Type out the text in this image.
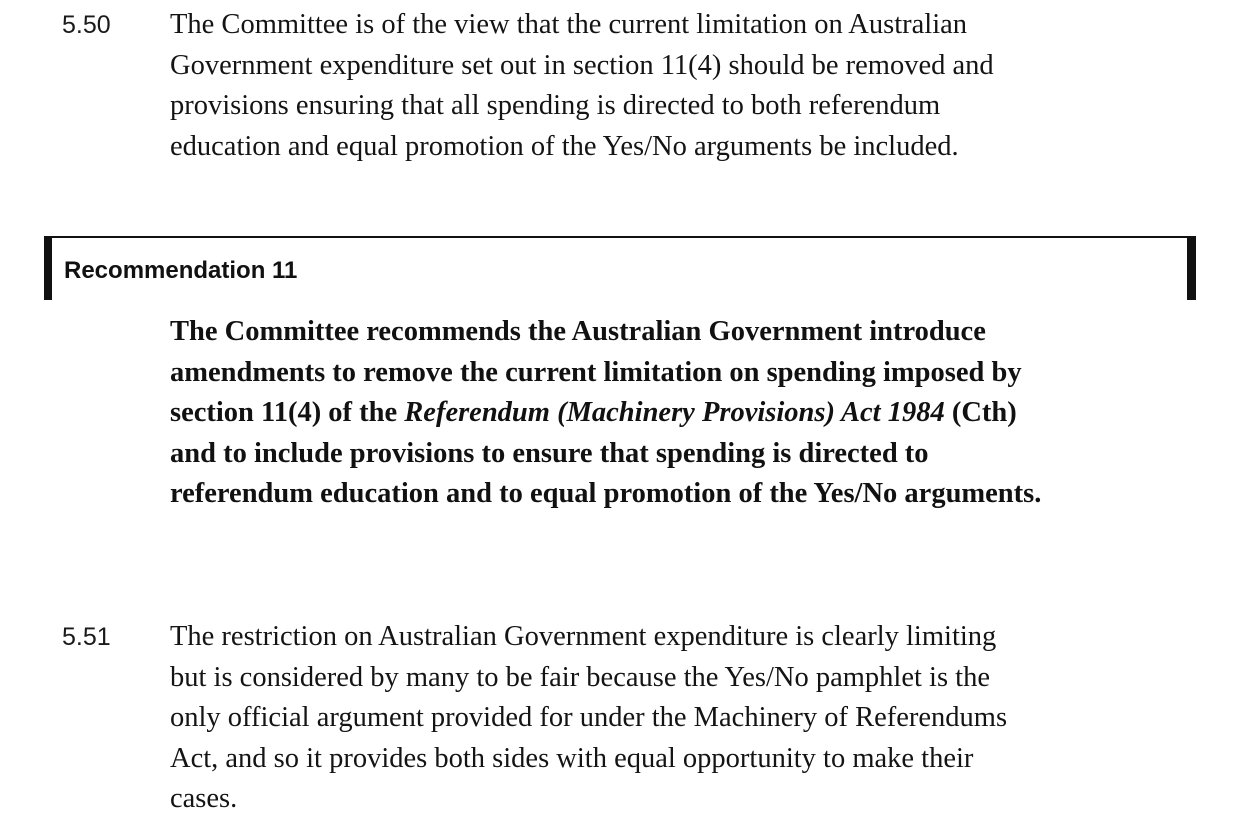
5.50 The Committee is of the view that the current limitation on Australian
Government expenditure set out in section 11(4) should be removed and
provisions ensuring that all spending is directed to both referendum
education and equal promotion of the Yes/No arguments be included.
Recommendation 11
The Committee recommends the Australian Government introduce
amendments to remove the current limitation on spending imposed by
section 11(4) of the Referendum (Machinery Provisions) Act 1984 (Cth)
and to include provisions to ensure that spending is directed to
referendum education and to equal promotion of the Yes/No arguments.
5.51 The restriction on Australian Government expenditure is clearly limiting
but is considered by many to be fair because the Yes/No pamphlet is the
only official argument provided for under the Machinery of Referendums
Act, and so it provides both sides with equal opportunity to make their
cases.
